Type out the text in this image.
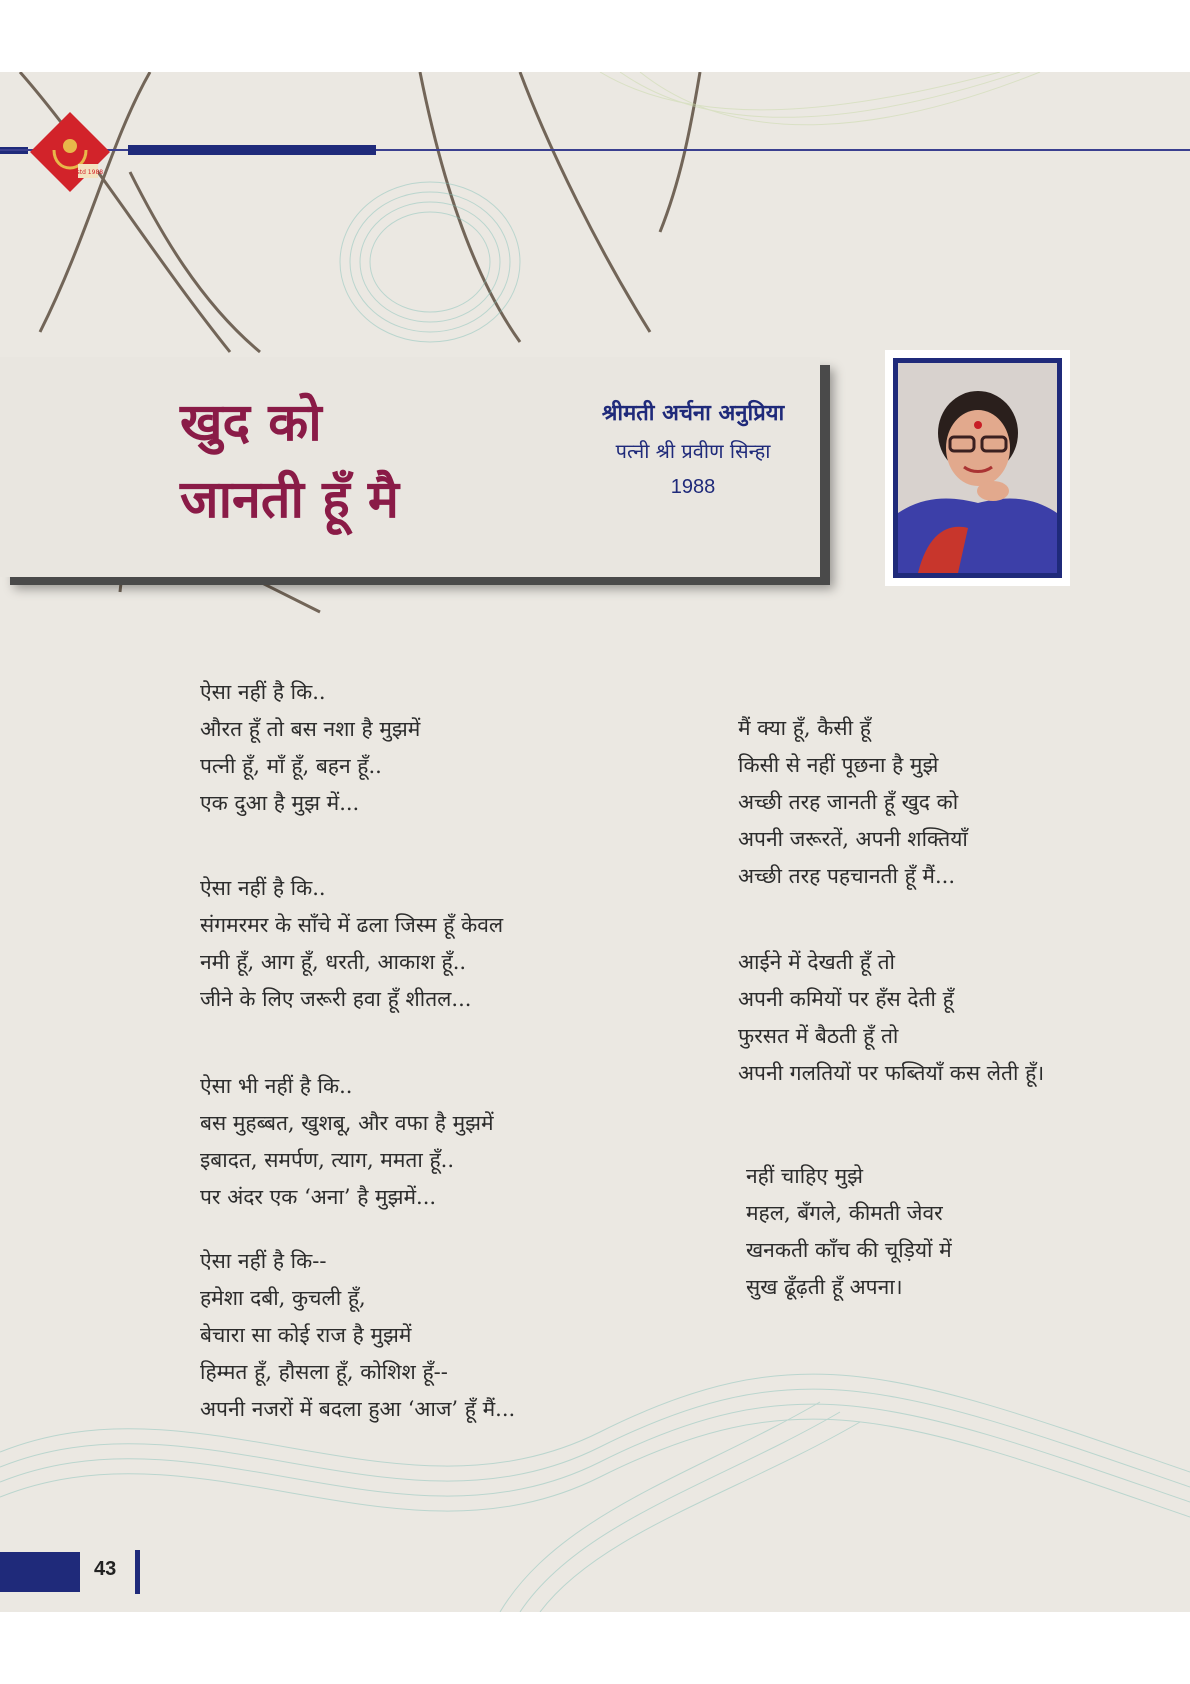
estd 1988
खुद को
जानती हूँ मै
श्रीमती अर्चना अनुप्रिया
पत्नी श्री प्रवीण सिन्हा
1988
ऐसा नहीं है कि..
औरत हूँ तो बस नशा है मुझमें
पत्नी हूँ, माँ हूँ, बहन हूँ..
एक दुआ है मुझ में...
ऐसा नहीं है कि..
संगमरमर के साँचे में ढला जिस्म हूँ केवल
नमी हूँ, आग हूँ, धरती, आकाश हूँ..
जीने के लिए जरूरी हवा हूँ शीतल...
ऐसा भी नहीं है कि..
बस मुहब्बत, खुशबू, और वफा है मुझमें
इबादत, समर्पण, त्याग, ममता हूँ..
पर अंदर एक ‘अना’ है मुझमें...
ऐसा नहीं है कि--
हमेशा दबी, कुचली हूँ,
बेचारा सा कोई राज है मुझमें
हिम्मत हूँ, हौसला हूँ, कोशिश हूँ--
अपनी नजरों में बदला हुआ ‘आज’ हूँ मैं...
मैं क्या हूँ, कैसी हूँ
किसी से नहीं पूछना है मुझे
अच्छी तरह जानती हूँ खुद को
अपनी जरूरतें, अपनी शक्तियाँ
अच्छी तरह पहचानती हूँ मैं...
आईने में देखती हूँ तो
अपनी कमियों पर हँस देती हूँ
फुरसत में बैठती हूँ तो
अपनी गलतियों पर फब्तियाँ कस लेती हूँ।
नहीं चाहिए मुझे
महल, बँगले, कीमती जेवर
खनकती काँच की चूड़ियों में
सुख ढूँढ़ती हूँ अपना।
43
